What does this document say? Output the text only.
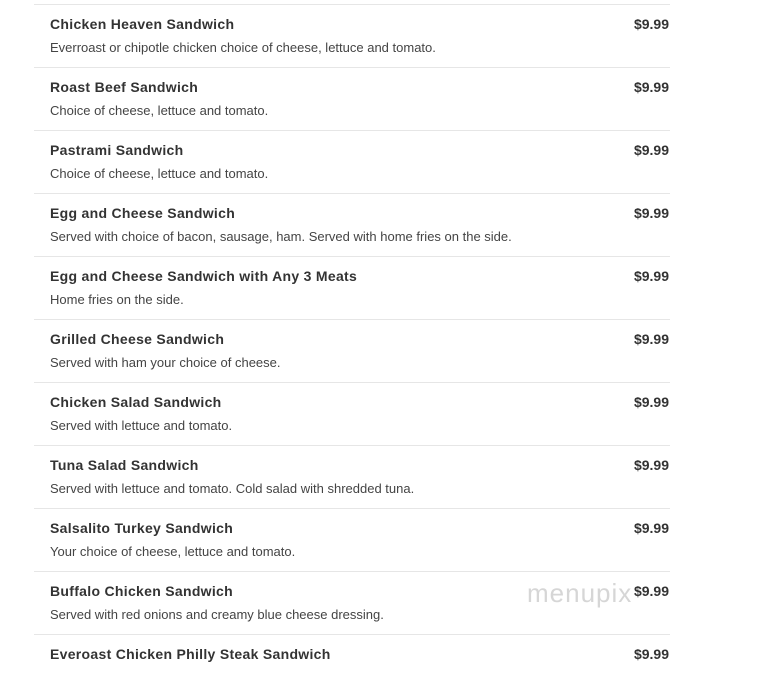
Chicken Heaven Sandwich	$9.99
Everroast or chipotle chicken choice of cheese, lettuce and tomato.
Roast Beef Sandwich	$9.99
Choice of cheese, lettuce and tomato.
Pastrami Sandwich	$9.99
Choice of cheese, lettuce and tomato.
Egg and Cheese Sandwich	$9.99
Served with choice of bacon, sausage, ham. Served with home fries on the side.
Egg and Cheese Sandwich with Any 3 Meats	$9.99
Home fries on the side.
Grilled Cheese Sandwich	$9.99
Served with ham your choice of cheese.
Chicken Salad Sandwich	$9.99
Served with lettuce and tomato.
Tuna Salad Sandwich	$9.99
Served with lettuce and tomato. Cold salad with shredded tuna.
Salsalito Turkey Sandwich	$9.99
Your choice of cheese, lettuce and tomato.
Buffalo Chicken Sandwich	$9.99
Served with red onions and creamy blue cheese dressing.
Everoast Chicken Philly Steak Sandwich	$9.99
menupix
